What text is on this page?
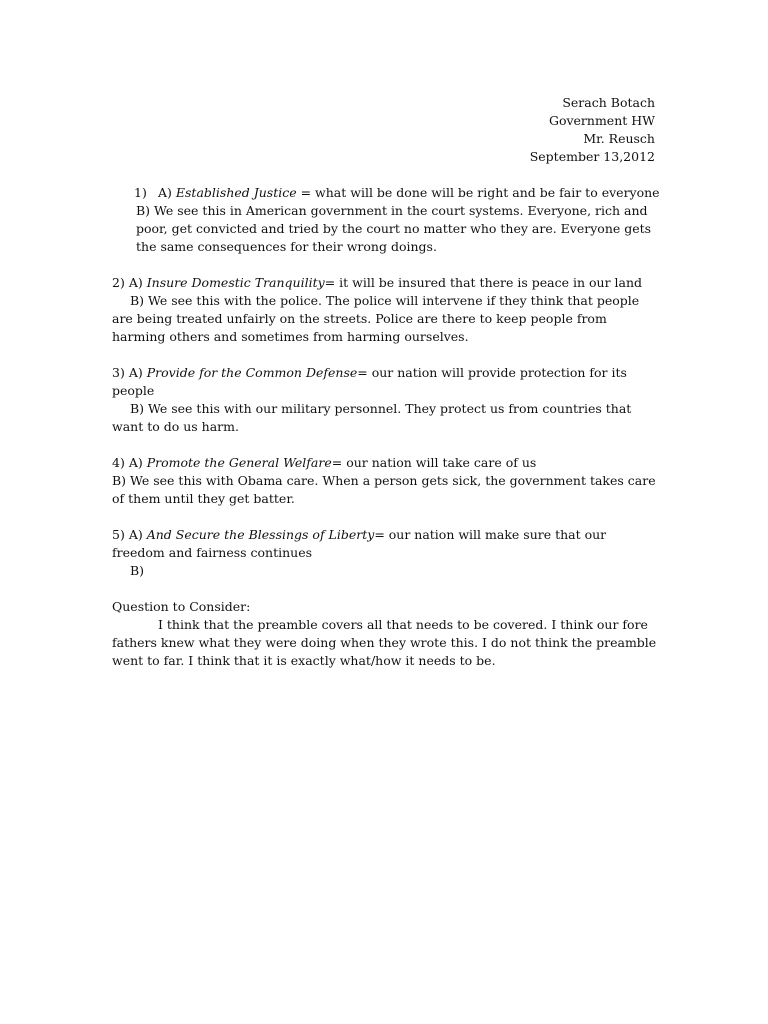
Serach Botach
Government HW
Mr. Reusch
September 13,2012

1) A) Established Justice = what will be done will be right and be fair to everyone

B) We see this in American government in the court systems. Everyone, rich and poor, get convicted and tried by the court no matter who they are. Everyone gets the same consequences for their wrong doings.

2) A) Insure Domestic Tranquility= it will be insured that there is peace in our land

B) We see this with the police. The police will intervene if they think that people are being treated unfairly on the streets. Police are there to keep people from harming others and sometimes from harming ourselves.

3) A) Provide for the Common Defense= our nation will provide protection for its people

B) We see this with our military personnel. They protect us from countries that want to do us harm.

4) A) Promote the General Welfare= our nation will take care of us

B) We see this with Obama care. When a person gets sick, the government takes care of them until they get batter.

5) A) And Secure the Blessings of Liberty= our nation will make sure that our freedom and fairness continues

B)

Question to Consider:

I think that the preamble covers all that needs to be covered. I think our fore fathers knew what they were doing when they wrote this. I do not think the preamble went to far. I think that it is exactly what/how it needs to be.
